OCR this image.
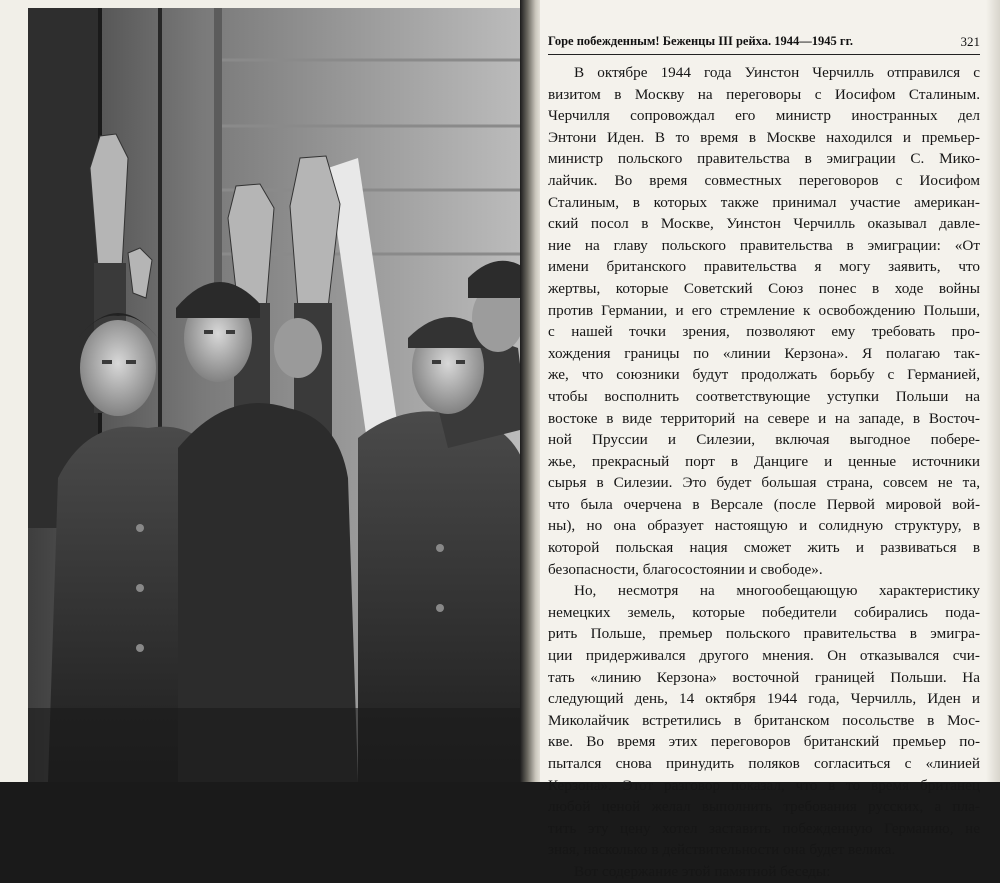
Горе побежденным! Беженцы III рейха. 1944—1945 гг.	321
В октябре 1944 года Уинстон Черчилль отправился с
визитом в Москву на переговоры с Иосифом Сталиным.
Черчилля сопровождал его министр иностранных дел
Энтони Иден. В то время в Москве находился и премьер-
министр польского правительства в эмиграции С. Мико-
лайчик. Во время совместных переговоров с Иосифом
Сталиным, в которых также принимал участие американ-
ский посол в Москве, Уинстон Черчилль оказывал давле-
ние на главу польского правительства в эмиграции: «От
имени британского правительства я могу заявить, что
жертвы, которые Советский Союз понес в ходе войны
против Германии, и его стремление к освобождению Польши,
с нашей точки зрения, позволяют ему требовать про-
хождения границы по «линии Керзона». Я полагаю так-
же, что союзники будут продолжать борьбу с Германией,
чтобы восполнить соответствующие уступки Польши на
востоке в виде территорий на севере и на западе, в Восточ-
ной Пруссии и Силезии, включая выгодное побере-
жье, прекрасный порт в Данциге и ценные источники
сырья в Силезии. Это будет большая страна, совсем не та,
что была очерчена в Версале (после Первой мировой вой-
ны), но она образует настоящую и солидную структуру, в
которой польская нация сможет жить и развиваться в
безопасности, благосостоянии и свободе».
Но, несмотря на многообещающую характеристику
немецких земель, которые победители собирались пода-
рить Польше, премьер польского правительства в эмигра-
ции придерживался другого мнения. Он отказывался счи-
тать «линию Керзона» восточной границей Польши. На
следующий день, 14 октября 1944 года, Черчилль, Иден и
Миколайчик встретились в британском посольстве в Мос-
кве. Во время этих переговоров британский премьер по-
пытался снова принудить поляков согласиться с «линией
Керзона». Этот разговор показал, что в то время британец
любой ценой желал выполнить требования русских, а пла-
тить эту цену хотел заставить побежденную Германию, не
зная, насколько в действительности она будет велика.
Вот содержание этой памятной беседы:
